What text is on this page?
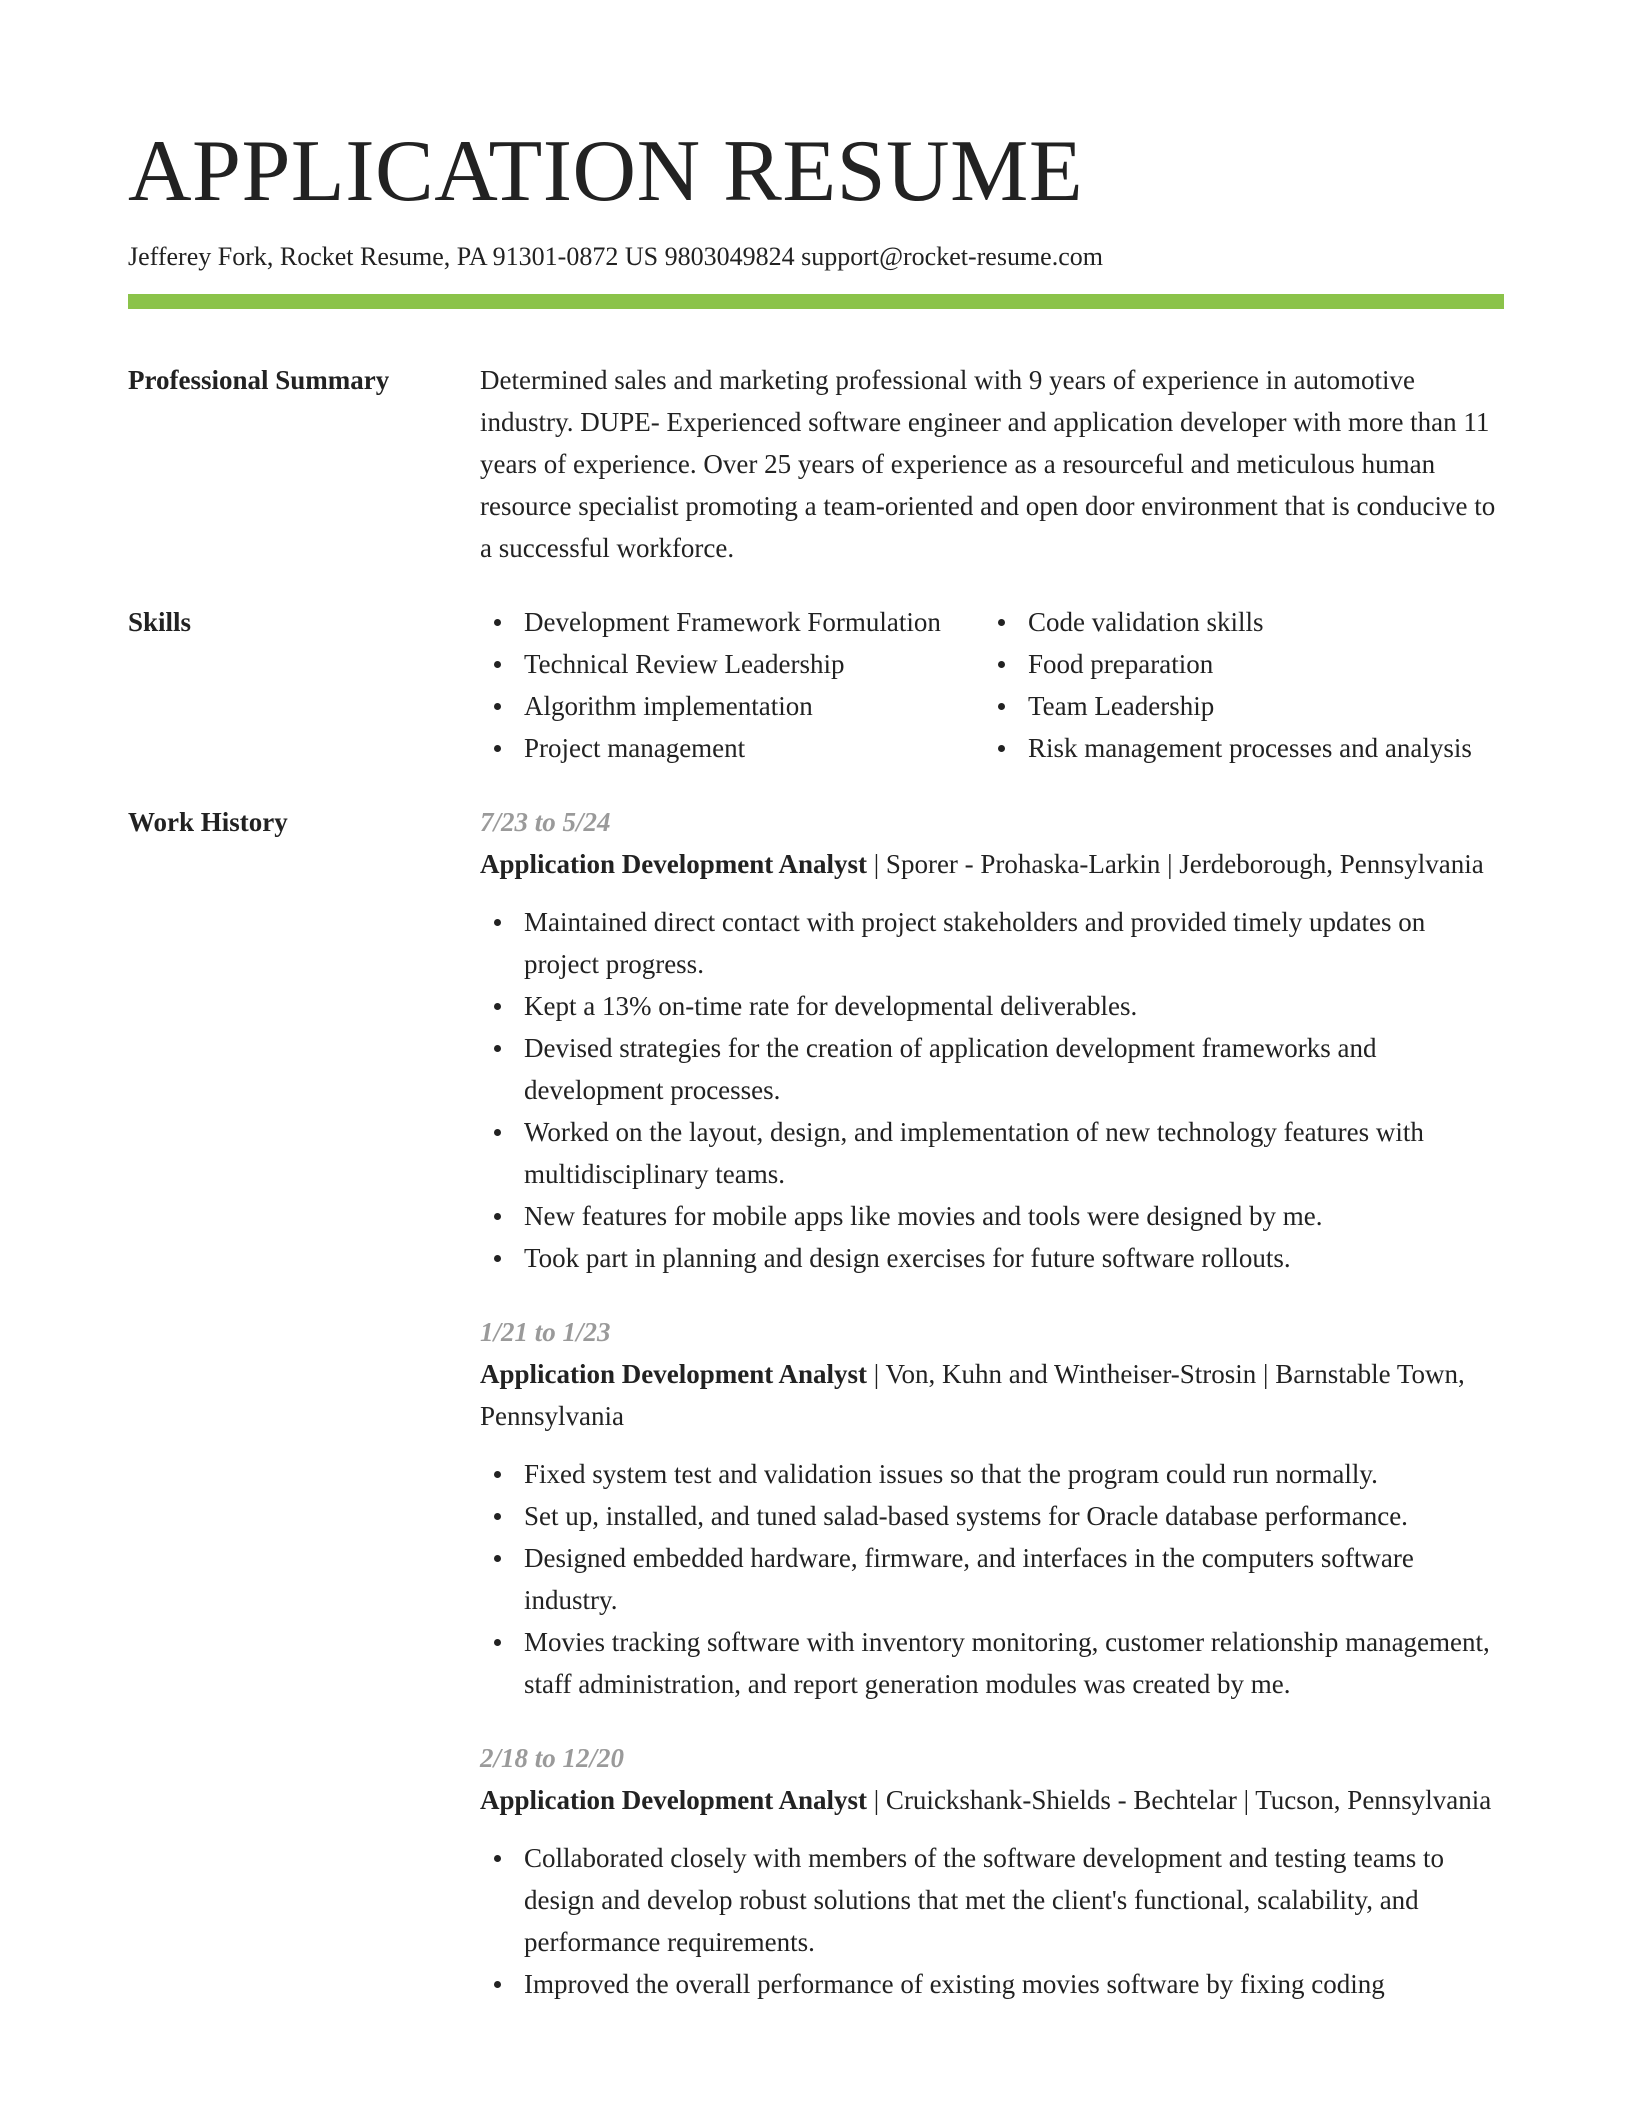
APPLICATION RESUME
Jefferey Fork, Rocket Resume, PA 91301-0872 US 9803049824 support@rocket-resume.com
Professional Summary	Determined sales and marketing professional with 9 years of experience in automotive industry. DUPE- Experienced software engineer and application developer with more than 11 years of experience. Over 25 years of experience as a resourceful and meticulous human resource specialist promoting a team-oriented and open door environment that is conducive to a successful workforce.

Skills	Development Framework Formulation
Technical Review Leadership
Algorithm implementation
Project management
Code validation skills
Food preparation
Team Leadership
Risk management processes and analysis
Work History	7/23 to 5/24
Application Development Analyst | Sporer - Prohaska-Larkin | Jerdeborough, Pennsylvania
Maintained direct contact with project stakeholders and provided timely updates on project progress.
Kept a 13% on-time rate for developmental deliverables.
Devised strategies for the creation of application development frameworks and development processes.
Worked on the layout, design, and implementation of new technology features with multidisciplinary teams.
New features for mobile apps like movies and tools were designed by me.
Took part in planning and design exercises for future software rollouts.
1/21 to 1/23
Application Development Analyst | Von, Kuhn and Wintheiser-Strosin | Barnstable Town, Pennsylvania
Fixed system test and validation issues so that the program could run normally.
Set up, installed, and tuned salad-based systems for Oracle database performance.
Designed embedded hardware, firmware, and interfaces in the computers software industry.
Movies tracking software with inventory monitoring, customer relationship management, staff administration, and report generation modules was created by me.
2/18 to 12/20
Application Development Analyst | Cruickshank-Shields - Bechtelar | Tucson, Pennsylvania
Collaborated closely with members of the software development and testing teams to design and develop robust solutions that met the client's functional, scalability, and performance requirements.
Improved the overall performance of existing movies software by fixing coding
